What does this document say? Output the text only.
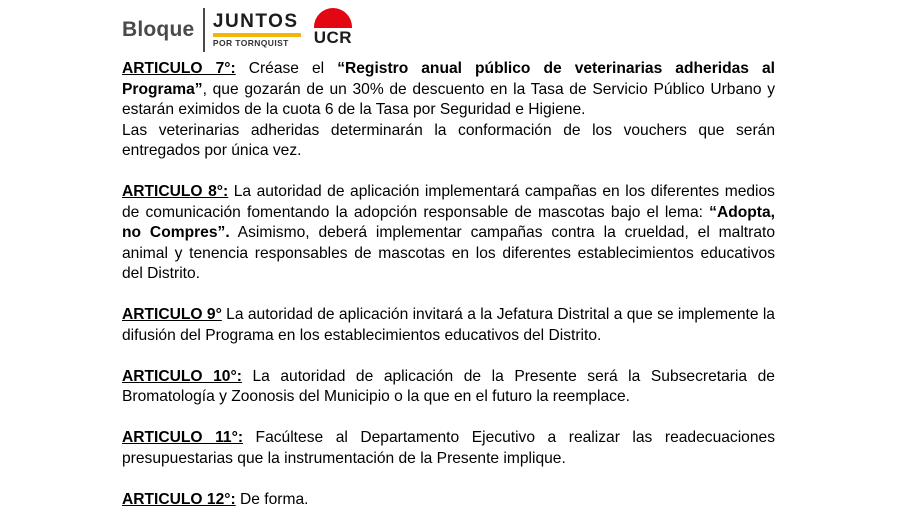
Bloque JUNTOS
POR TORNQUIST	UCR

ARTICULO 7°: Créase el “Registro anual público de veterinarias adheridas al Programa”, que gozarán de un 30% de descuento en la Tasa de Servicio Público Urbano y estarán eximidos de la cuota 6 de la Tasa por Seguridad e Higiene.
Las veterinarias adheridas determinarán la conformación de los vouchers que serán entregados por única vez.

ARTICULO 8°: La autoridad de aplicación implementará campañas en los diferentes medios de comunicación fomentando la adopción responsable de mascotas bajo el lema: “Adopta, no Compres”. Asimismo, deberá implementar campañas contra la crueldad, el maltrato animal y tenencia responsables de mascotas en los diferentes establecimientos educativos del Distrito.

ARTICULO 9° La autoridad de aplicación invitará a la Jefatura Distrital a que se implemente la difusión del Programa en los establecimientos educativos del Distrito.

ARTICULO 10°: La autoridad de aplicación de la Presente será la Subsecretaria de Bromatología y Zoonosis del Municipio o la que en el futuro la reemplace.

ARTICULO 11°: Facúltese al Departamento Ejecutivo a realizar las readecuaciones presupuestarias que la instrumentación de la Presente implique.

ARTICULO 12°: De forma.
